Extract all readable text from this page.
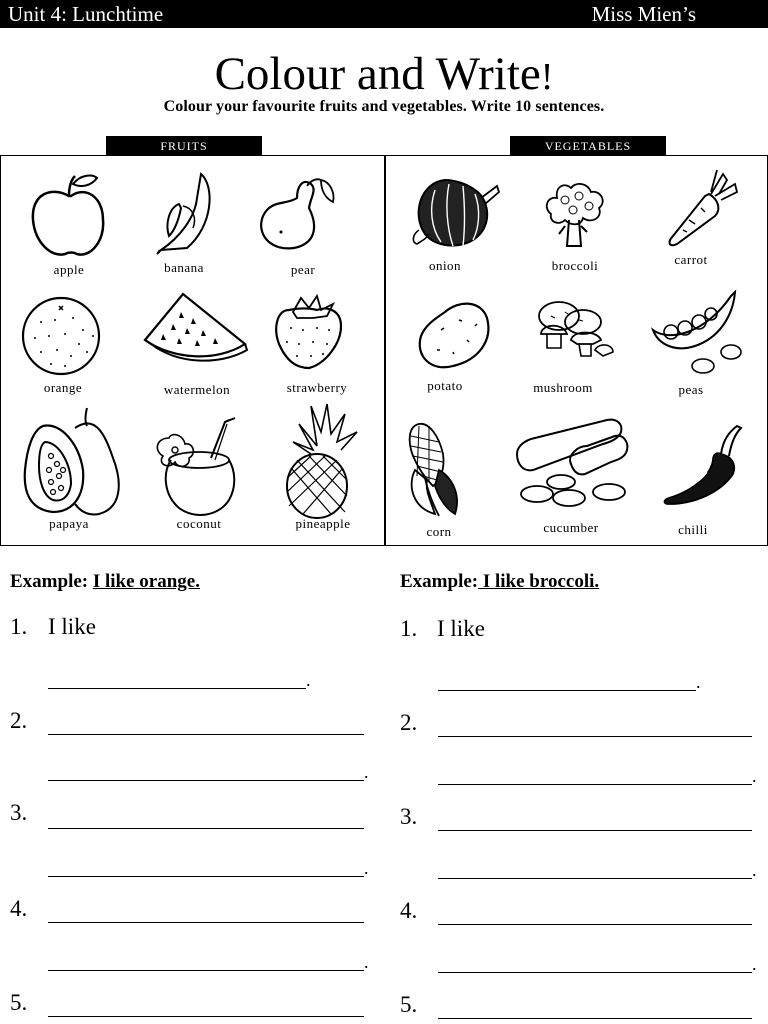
Unit 4: Lunchtime	Miss Mien’s
Colour and Write!
Colour your favourite fruits and vegetables. Write 10 sentences.
FRUITS	VEGETABLES
apple	banana	pear
orange	watermelon	strawberry
papaya	coconut	pineapple
onion	broccoli	carrot
potato	mushroom	peas
corn	cucumber	chilli
Example: I like orange.	Example: I like broccoli.
1. I like
.
2.
.
3.
.
4.
.
5.
1. I like
.
2.
.
3.
.
4.
.
5.
